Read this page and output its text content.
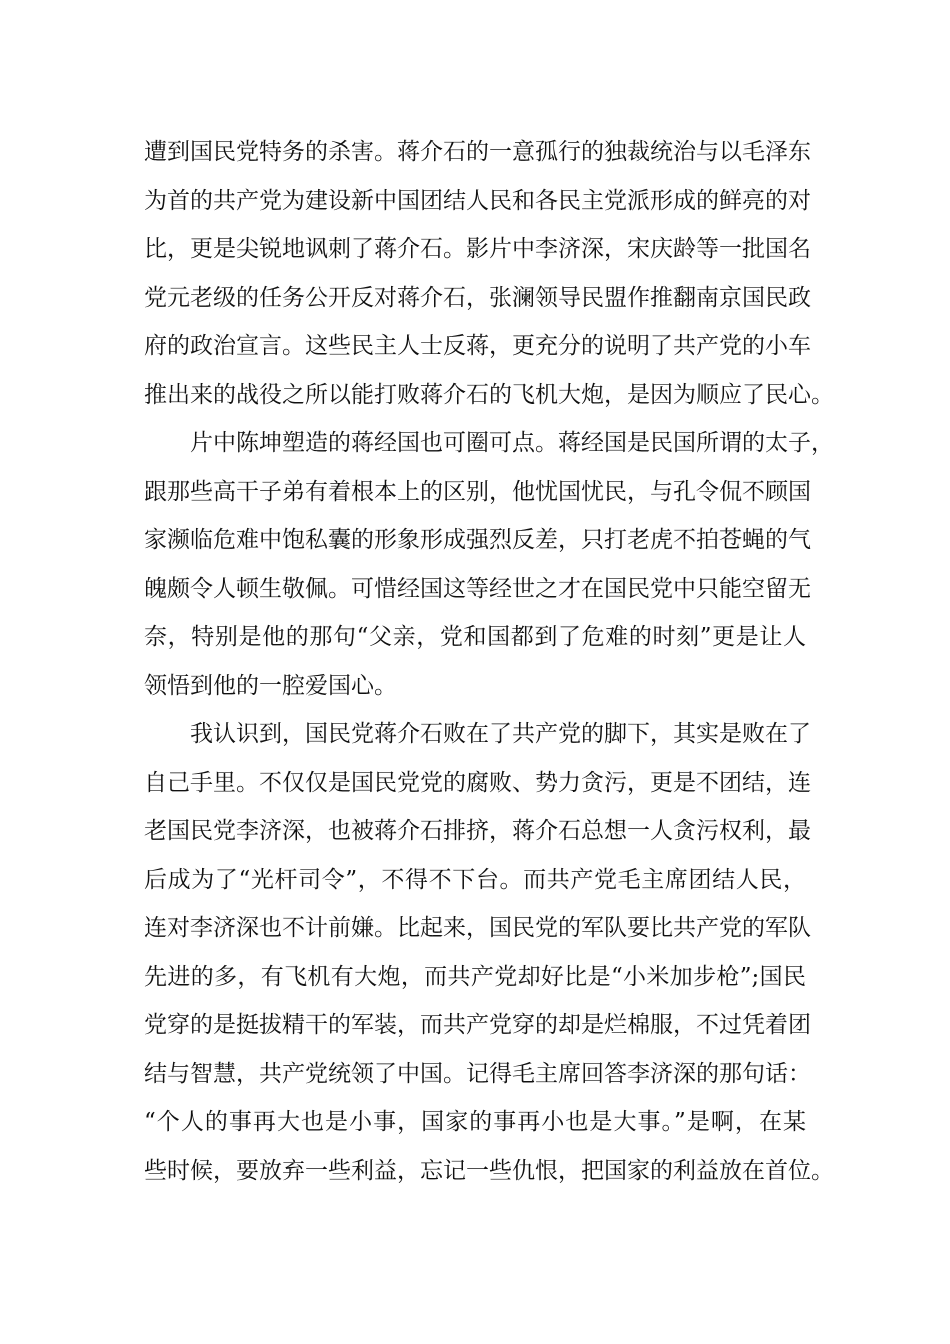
遭到国民党特务的杀害。蒋介石的一意孤行的独裁统治与以毛泽东
为首的共产党为建设新中国团结人民和各民主党派形成的鲜亮的对
比，更是尖锐地讽刺了蒋介石。影片中李济深，宋庆龄等一批国名
党元老级的任务公开反对蒋介石，张澜领导民盟作推翻南京国民政
府的政治宣言。这些民主人士反蒋，更充分的说明了共产党的小车
推出来的战役之所以能打败蒋介石的飞机大炮，是因为顺应了民心。
片中陈坤塑造的蒋经国也可圈可点。蒋经国是民国所谓的太子，
跟那些高干子弟有着根本上的区别，他忧国忧民，与孔令侃不顾国
家濒临危难中饱私囊的形象形成强烈反差，只打老虎不拍苍蝇的气
魄颇令人顿生敬佩。可惜经国这等经世之才在国民党中只能空留无
奈，特别是他的那句“父亲，党和国都到了危难的时刻”更是让人
领悟到他的一腔爱国心。
我认识到，国民党蒋介石败在了共产党的脚下，其实是败在了
自己手里。不仅仅是国民党党的腐败、势力贪污，更是不团结，连
老国民党李济深，也被蒋介石排挤，蒋介石总想一人贪污权利，最
后成为了“光杆司令”，不得不下台。而共产党毛主席团结人民，
连对李济深也不计前嫌。比起来，国民党的军队要比共产党的军队
先进的多，有飞机有大炮，而共产党却好比是“小米加步枪”;国民
党穿的是挺拔精干的军装，而共产党穿的却是烂棉服，不过凭着团
结与智慧，共产党统领了中国。记得毛主席回答李济深的那句话：
“个人的事再大也是小事，国家的事再小也是大事。”是啊，在某
些时候，要放弃一些利益，忘记一些仇恨，把国家的利益放在首位。
